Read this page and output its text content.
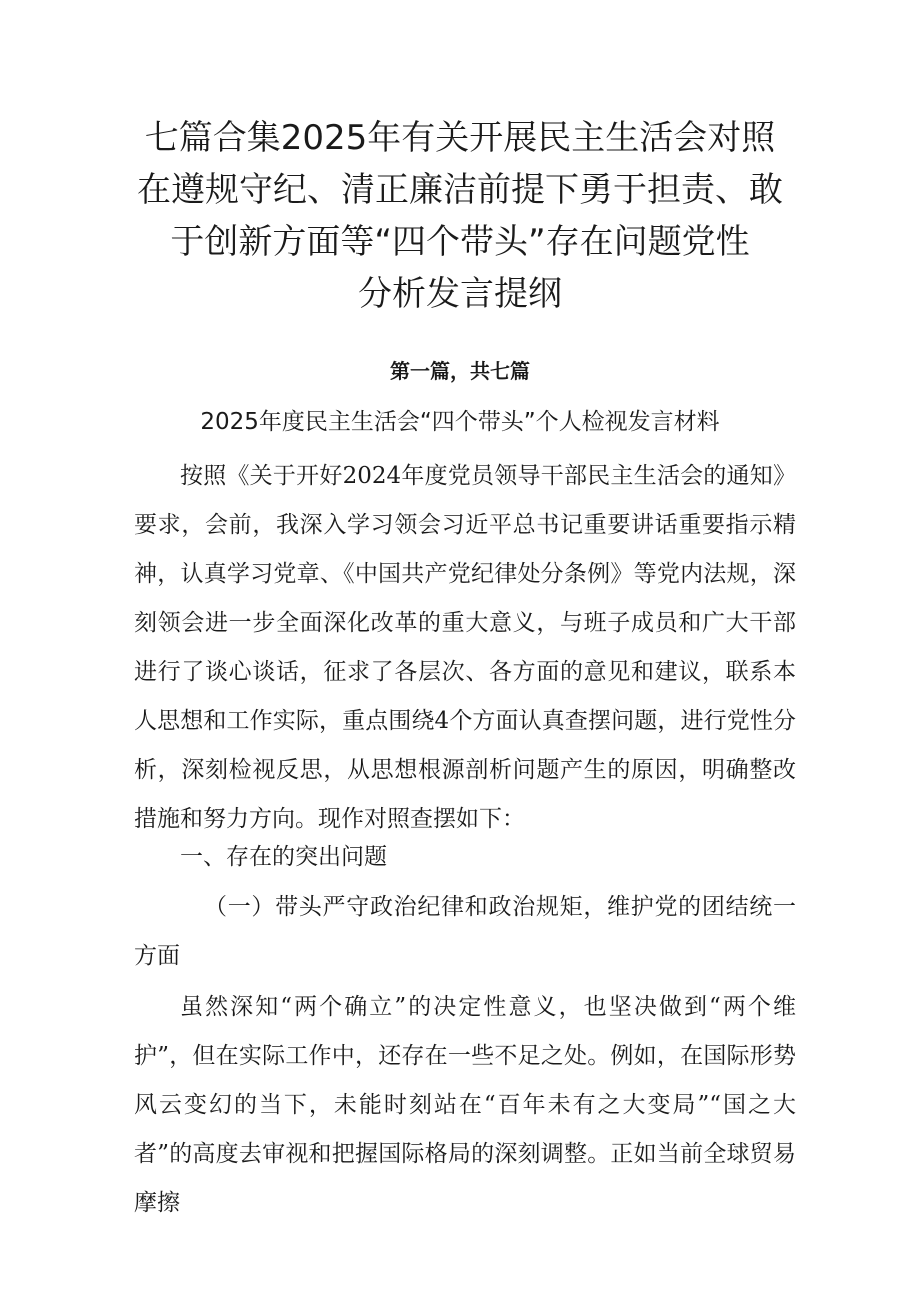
七篇合集2025年有关开展民主生活会对照
在遵规守纪、清正廉洁前提下勇于担责、敢
于创新方面等“四个带头”存在问题党性
分析发言提纲

第一篇，共七篇

2025年度民主生活会“四个带头”个人检视发言材料

按照《关于开好2024年度党员领导干部民主生活会的通知》要求，会前，我深入学习领会习近平总书记重要讲话重要指示精神，认真学习党章、《中国共产党纪律处分条例》等党内法规，深刻领会进一步全面深化改革的重大意义，与班子成员和广大干部进行了谈心谈话，征求了各层次、各方面的意见和建议，联系本人思想和工作实际，重点围绕4个方面认真查摆问题，进行党性分析，深刻检视反思，从思想根源剖析问题产生的原因，明确整改措施和努力方向。现作对照查摆如下：

一、存在的突出问题

（一）带头严守政治纪律和政治规矩，维护党的团结统一方面

虽然深知“两个确立”的决定性意义，也坚决做到“两个维护”，但在实际工作中，还存在一些不足之处。例如，在国际形势风云变幻的当下，未能时刻站在“百年未有之大变局”“国之大者”的高度去审视和把握国际格局的深刻调整。正如当前全球贸易摩擦
